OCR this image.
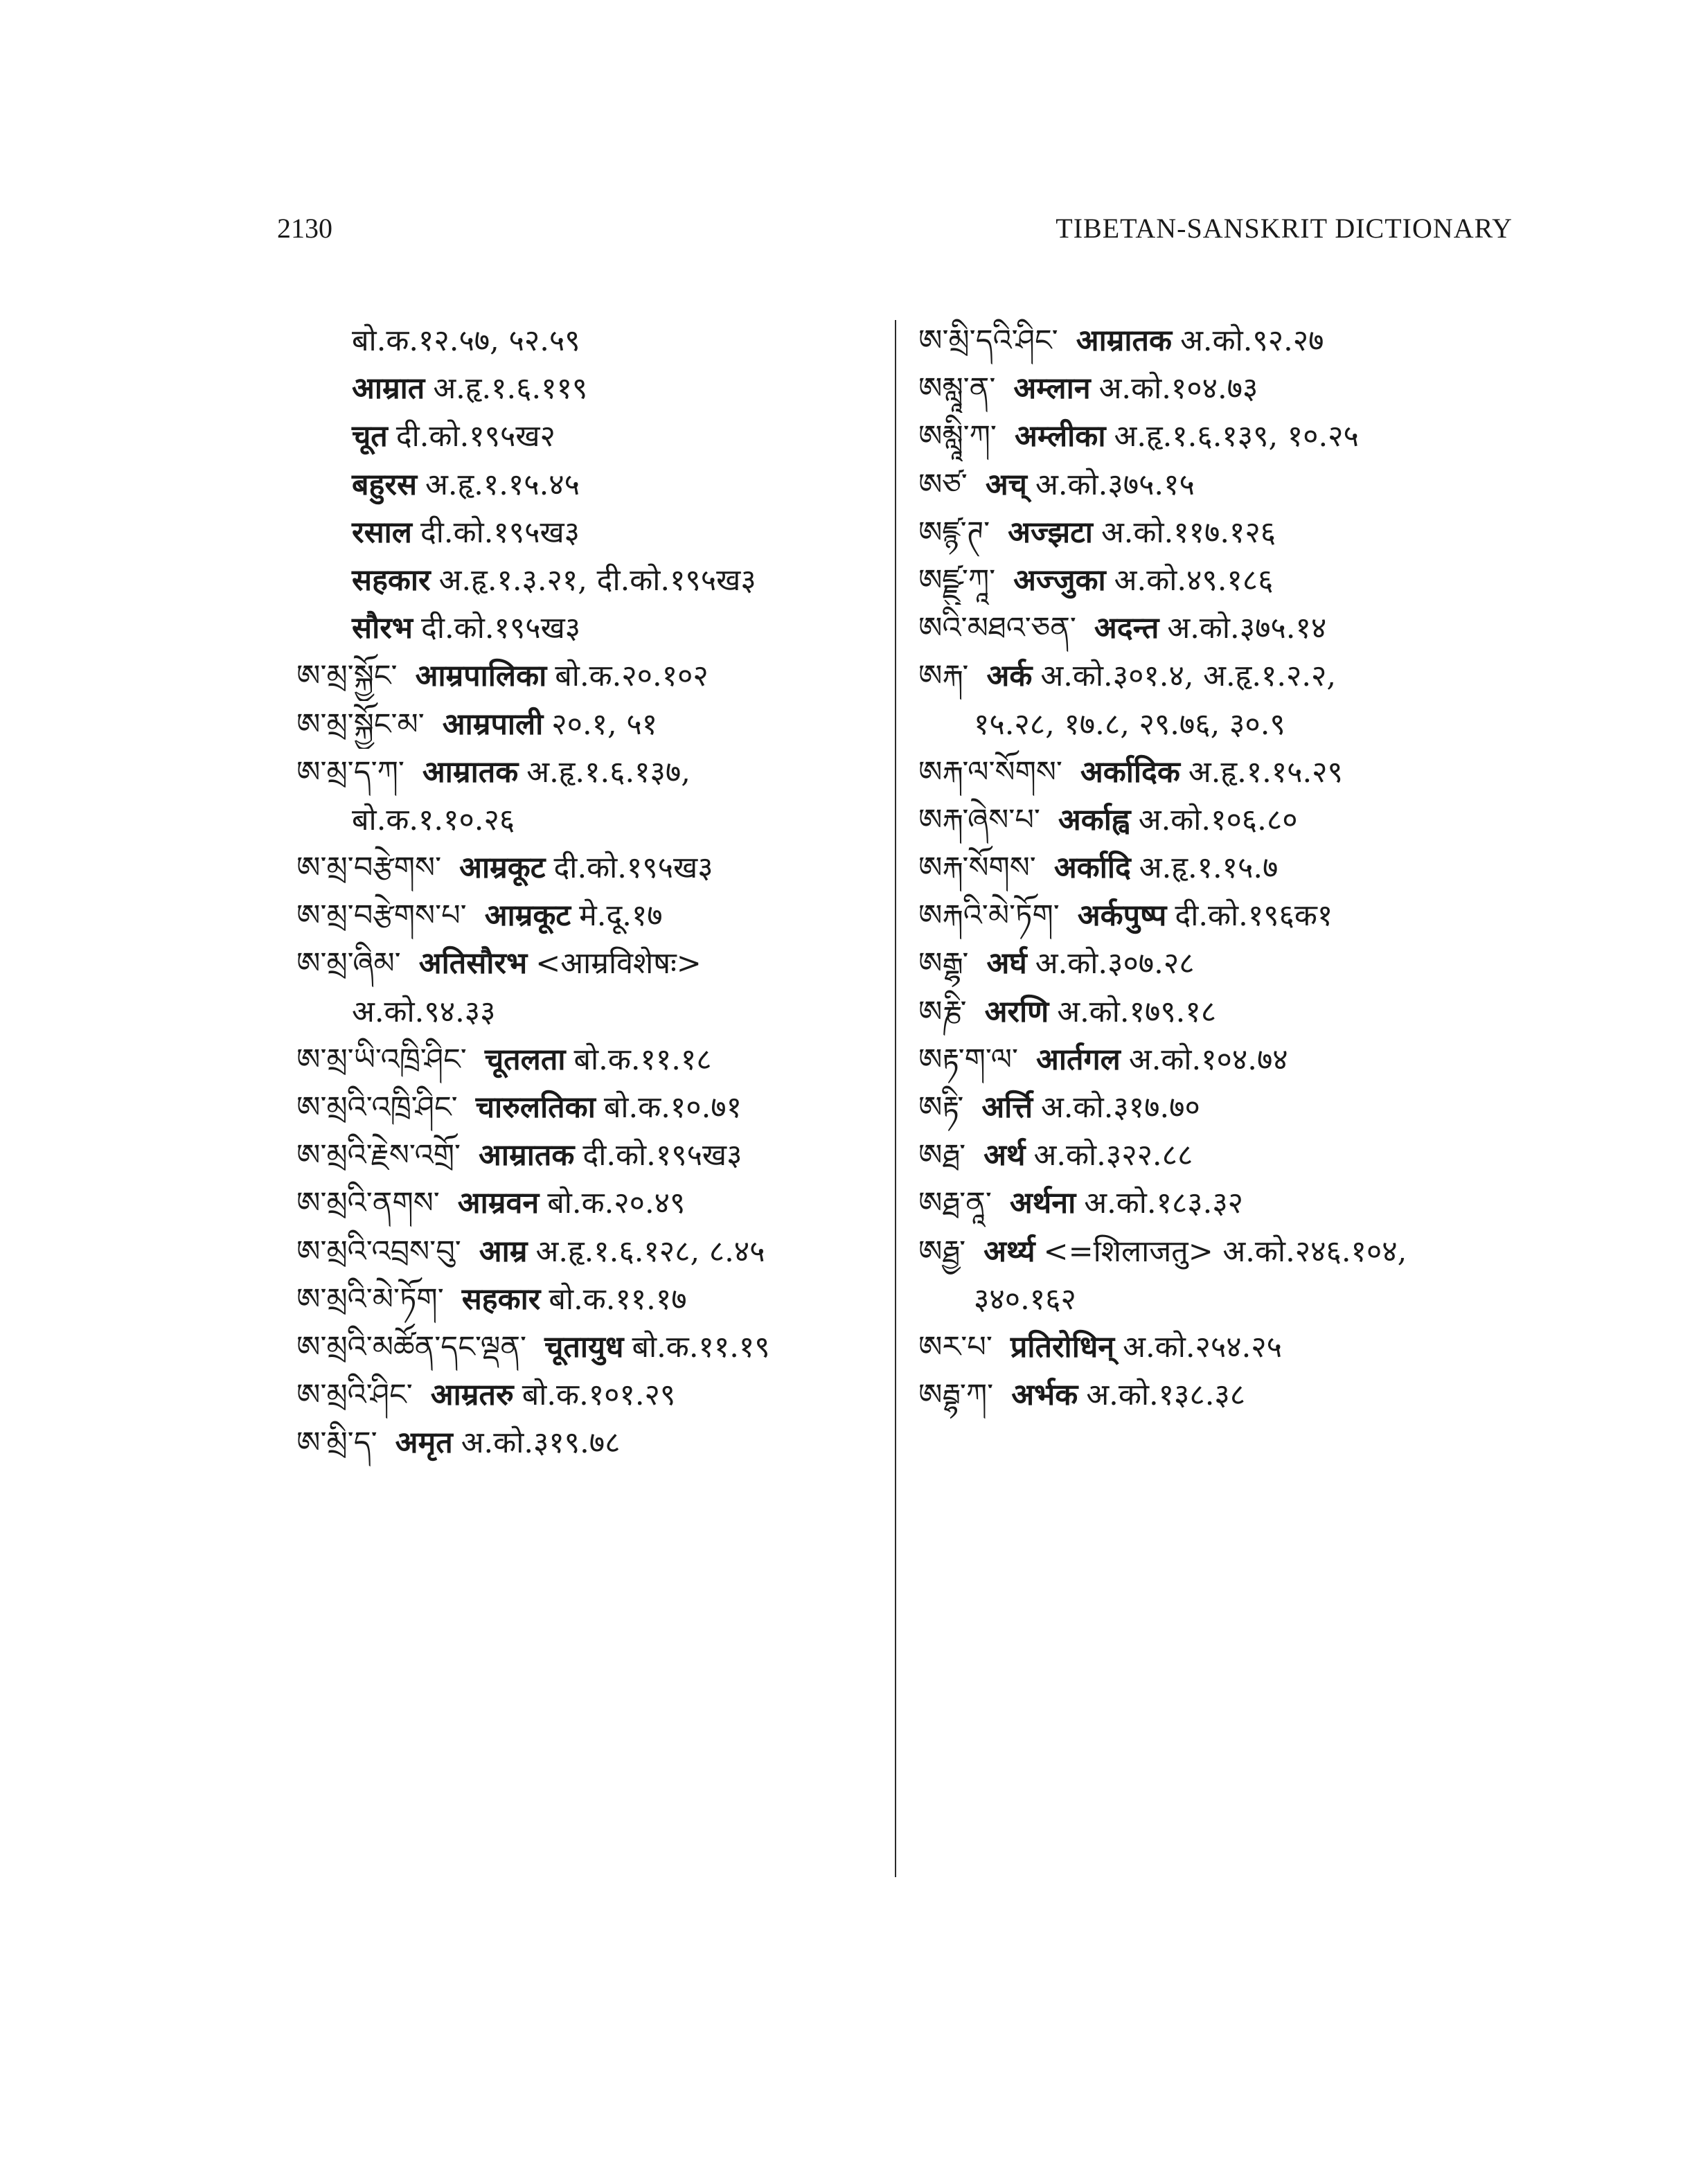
2130	TIBETAN-SANSKRIT DICTIONARY
बो.क.१२.५७, ५२.५९
आम्रात अ.हृ.१.६.११९
चूत दी.को.१९५ख२
बहुरस अ.हृ.१.१५.४५
रसाल दी.को.१९५ख३
सहकार अ.हृ.१.३.२१, दी.को.१९५ख३
सौरभ दी.को.१९५ख३
ཨ་མྲ་སྐྱོང་ आम्रपालिका बो.क.२०.१०२
ཨ་མྲ་སྐྱོང་མ་ आम्रपाली २०.१, ५१
ཨ་མྲ་ད་ཀ་ आम्रातक अ.हृ.१.६.१३७,
बो.क.१.१०.२६
ཨ་མྲ་བརྩེགས་ आम्रकूट दी.को.१९५ख३
ཨ་མྲ་བརྩེགས་པ་ आम्रकूट मे.दू.१७
ཨ་མྲ་ཞིམ་ अतिसौरभ <आम्रविशेषः>
अ.को.९४.३३
ཨ་མྲ་ཡི་འཁྲི་ཤིང་ चूतलता बो.क.११.१८
ཨ་མྲའི་འཁྲི་ཤིང་ चारुलतिका बो.क.१०.७१
ཨ་མྲའི་རྗེས་འགྲོ་ आम्रातक दी.को.१९५ख३
ཨ་མྲའི་ནགས་ आम्रवन बो.क.२०.४९
ཨ་མྲའི་འབྲས་བུ་ आम्र अ.हृ.१.६.१२८, ८.४५
ཨ་མྲའི་མེ་ཏོག་ सहकार बो.क.११.१७
ཨ་མྲའི་མཚོན་དང་ལྡན་ चूतायुध बो.क.११.१९
ཨ་མྲའི་ཤིང་ आम्रतरु बो.क.१०१.२९
ཨ་མྲི་ད་ अमृत अ.को.३१९.७८
ཨ་མྲི་དའི་ཤིང་ आम्रातक अ.को.९२.२७
ཨམླཱ་ན་ अम्लान अ.को.१०४.७३
ཨམླཱི་ཀ་ अम्लीका अ.हृ.१.६.१३९, १०.२५
ཨཙ་ अच् अ.को.३७५.१५
ཨཛྙ་ཊ་ अज्झटा अ.को.११७.१२६
ཨཛྫུ་ཀཱ་ अज्जुका अ.को.४९.१८६
ཨའི་མཐའ་ཅན་ अदन्त अ.को.३७५.१४
ཨརྐ་ अर्क अ.को.३०१.४, अ.हृ.१.२.२,
१५.२८, १७.८, २९.७६, ३०.९
ཨརྐ་ལ་སོགས་ अर्कादिक अ.हृ.१.१५.२९
ཨརྐ་ཞེས་པ་ अर्काह्व अ.को.१०६.८०
ཨརྐ་སོགས་ अर्कादि अ.हृ.१.१५.७
ཨརྐའི་མེ་ཏོག་ अर्कपुष्प दी.को.१९६क१
ཨརྒྷ་ अर्घ अ.को.३०७.२८
ཨརྞི་ अरणि अ.को.१७९.१८
ཨརྟ་ག་ལ་ आर्तगल अ.को.१०४.७४
ཨརྟི་ अर्त्ति अ.को.३१७.७०
ཨརྠ་ अर्थ अ.को.३२२.८८
ཨརྠ་ནཱ་ अर्थना अ.को.१८३.३२
ཨརྠྱ་ अर्थ्य <=शिलाजतु> अ.को.२४६.१०४,
३४०.१६२
ཨར་པ་ प्रतिरोधिन् अ.को.२५४.२५
ཨརྦྷ་ཀ་ अर्भक अ.को.१३८.३८
